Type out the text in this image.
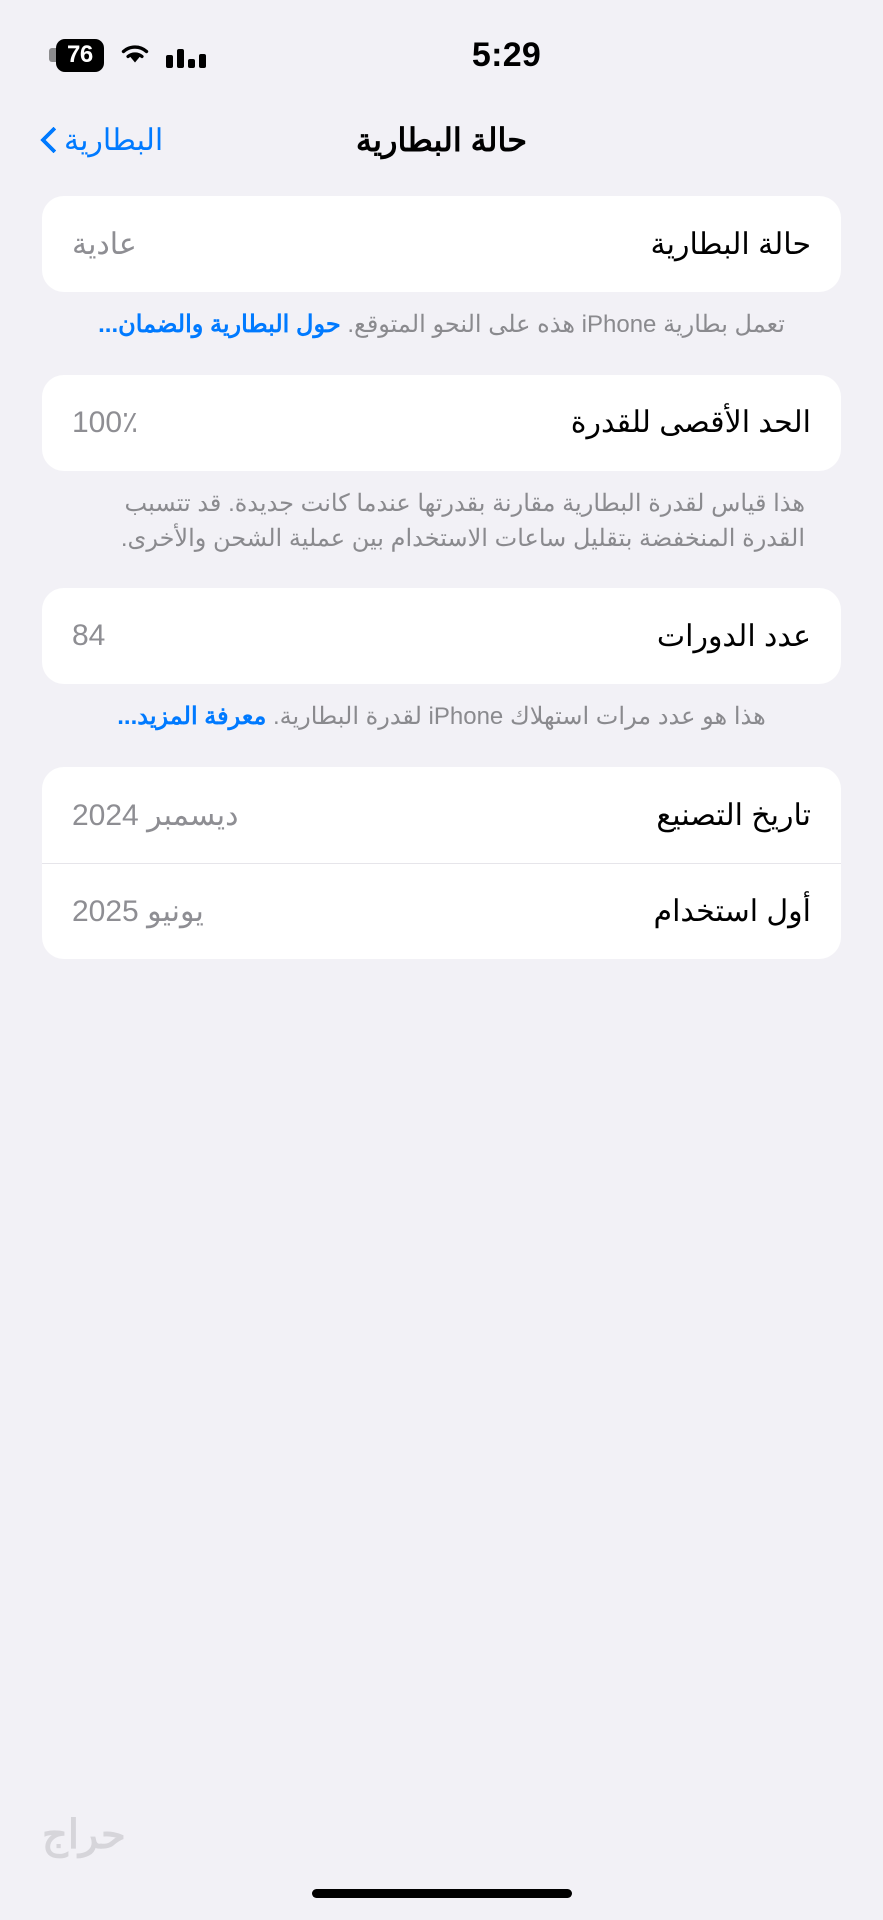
76	5:29
حالة البطارية
البطارية
حالة البطارية
عادية
تعمل بطارية iPhone هذه على النحو المتوقع. حول البطارية والضمان...
الحد الأقصى للقدرة
100٪
هذا قياس لقدرة البطارية مقارنة بقدرتها عندما كانت جديدة. قد تتسبب القدرة المنخفضة بتقليل ساعات الاستخدام بين عملية الشحن والأخرى.
عدد الدورات
84
هذا هو عدد مرات استهلاك iPhone لقدرة البطارية. معرفة المزيد...
تاريخ التصنيع
ديسمبر 2024
أول استخدام
يونيو 2025
حراج
